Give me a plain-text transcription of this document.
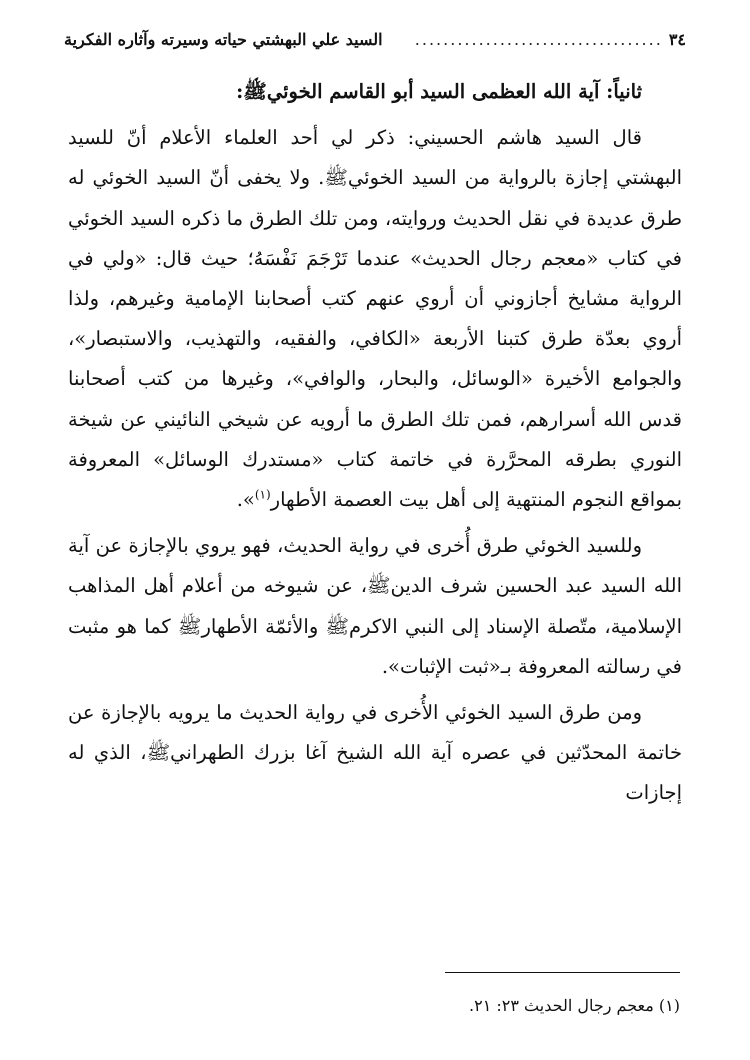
٣٤
...................................
السيد علي البهشتي حياته وسيرته وآثاره الفكرية

ثانياً: آية الله العظمى السيد أبو القاسم الخوئيﷺ:

قال السيد هاشم الحسيني: ذكر لي أحد العلماء الأعلام أنّ للسيد البهشتي إجازة بالرواية من السيد الخوئيﷺ. ولا يخفى أنّ السيد الخوئي له طرق عديدة في نقل الحديث وروايته، ومن تلك الطرق ما ذكره السيد الخوئي في كتاب «معجم رجال الحديث» عندما تَرْجَمَ نَفْسَهُ؛ حيث قال: «ولي في الرواية مشايخ أجازوني أن أروي عنهم كتب أصحابنا الإمامية وغيرهم، ولذا أروي بعدّة طرق كتبنا الأربعة «الكافي، والفقيه، والتهذيب، والاستبصار»، والجوامع الأخيرة «الوسائل، والبحار، والوافي»، وغيرها من كتب أصحابنا قدس الله أسرارهم، فمن تلك الطرق ما أرويه عن شيخي النائيني عن شيخة النوري بطرقه المحرَّرة في خاتمة كتاب «مستدرك الوسائل» المعروفة بمواقع النجوم المنتهية إلى أهل بيت العصمة الأطهار$^{(١)}$».

وللسيد الخوئي طرق أُخرى في رواية الحديث، فهو يروي بالإجازة عن آية الله السيد عبد الحسين شرف الدينﷺ، عن شيوخه من أعلام أهل المذاهب الإسلامية، متّصلة الإسناد إلى النبي الاكرمﷺ والأئمّة الأطهارﷺ كما هو مثبت في رسالته المعروفة بـ«ثبت الإثبات».

ومن طرق السيد الخوئي الأُخرى في رواية الحديث ما يرويه بالإجازة عن خاتمة المحدّثين في عصره آية الله الشيخ آغا بزرك الطهرانيﷺ، الذي له إجازات

(١) معجم رجال الحديث ٢٣: ٢١.
